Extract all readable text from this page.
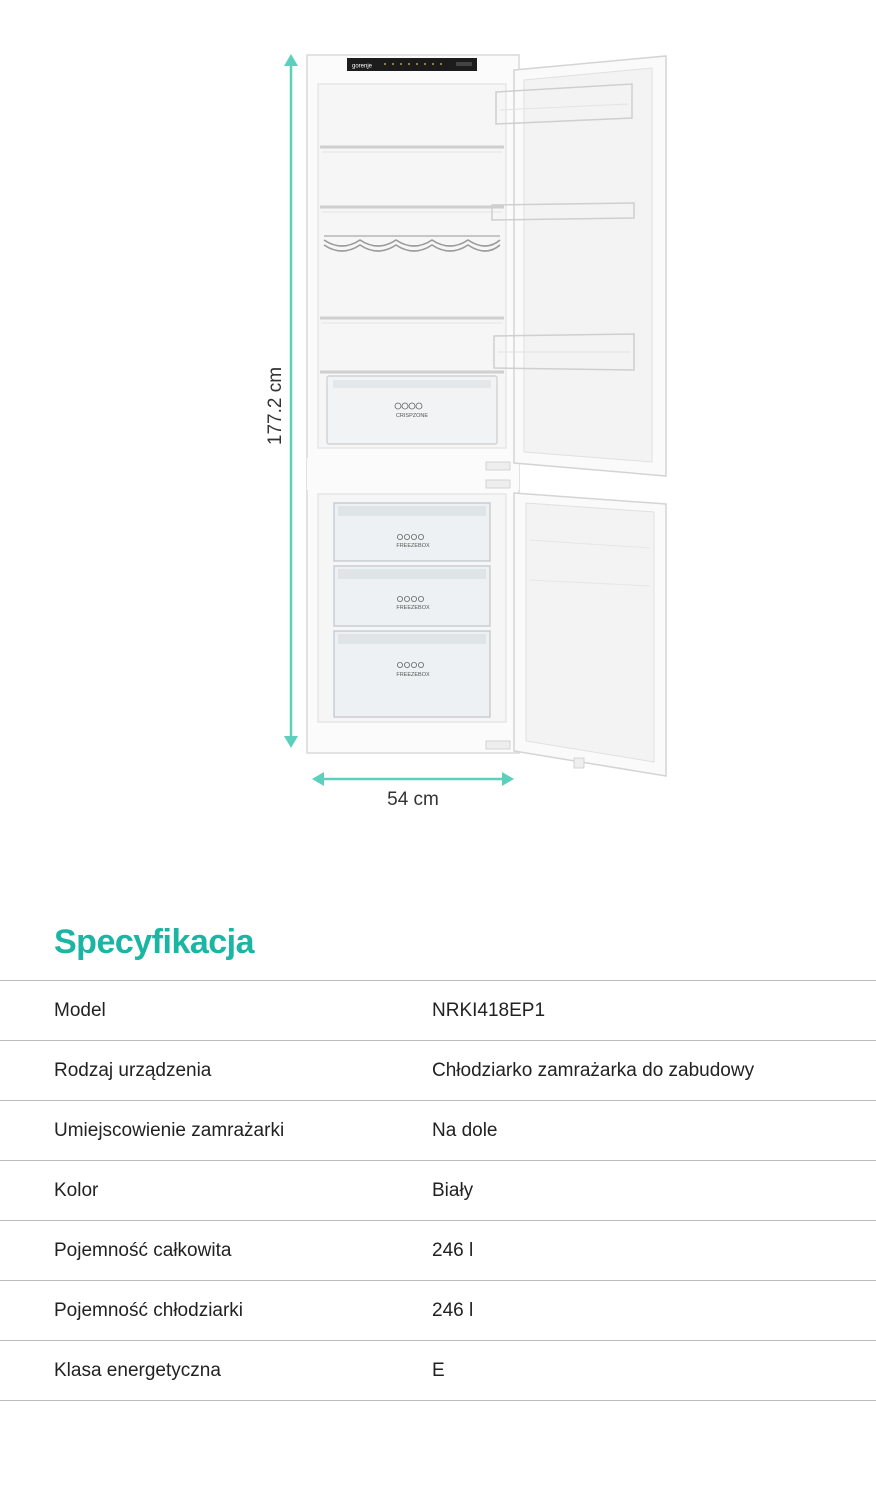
gorenje
CRISPZONE
FREEZEBOX
FREEZEBOX
FREEZEBOX
177.2 cm
54 cm
Specyfikacja
Model	NRKI418EP1
Rodzaj urządzenia	Chłodziarko zamrażarka do zabudowy
Umiejscowienie zamrażarki	Na dole
Kolor	Biały
Pojemność całkowita	246 l
Pojemność chłodziarki	246 l
Klasa energetyczna	E
